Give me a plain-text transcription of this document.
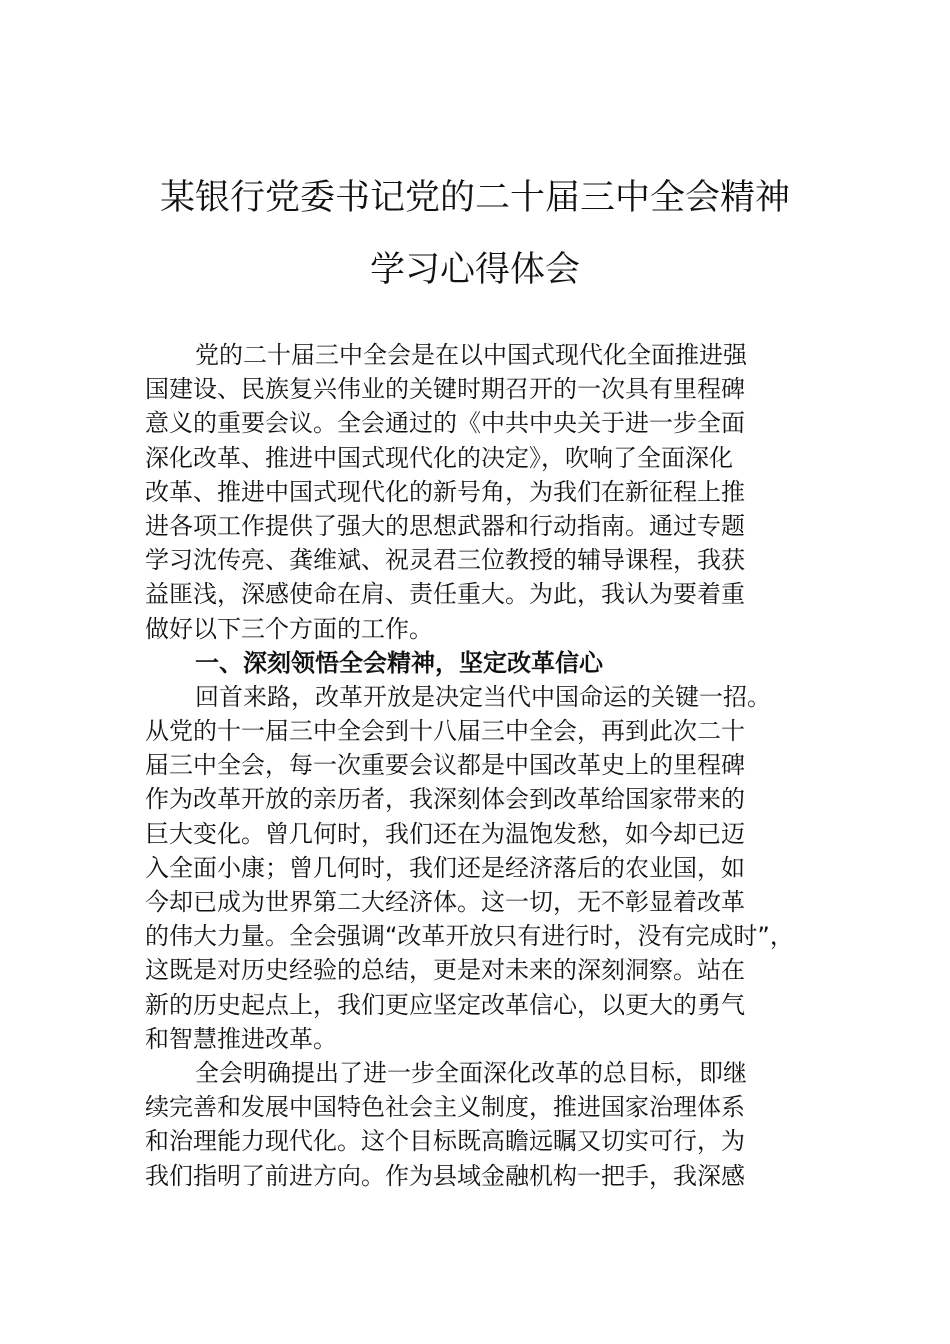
某银行党委书记党的二十届三中全会精神
学习心得体会
党的二十届三中全会是在以中国式现代化全面推进强
国建设、民族复兴伟业的关键时期召开的一次具有里程碑
意义的重要会议。全会通过的《中共中央关于进一步全面
深化改革、推进中国式现代化的决定》，吹响了全面深化
改革、推进中国式现代化的新号角，为我们在新征程上推
进各项工作提供了强大的思想武器和行动指南。通过专题
学习沈传亮、龚维斌、祝灵君三位教授的辅导课程，我获
益匪浅，深感使命在肩、责任重大。为此，我认为要着重
做好以下三个方面的工作。
一、深刻领悟全会精神，坚定改革信心
回首来路，改革开放是决定当代中国命运的关键一招。
从党的十一届三中全会到十八届三中全会，再到此次二十
届三中全会，每一次重要会议都是中国改革史上的里程碑
作为改革开放的亲历者，我深刻体会到改革给国家带来的
巨大变化。曾几何时，我们还在为温饱发愁，如今却已迈
入全面小康；曾几何时，我们还是经济落后的农业国，如
今却已成为世界第二大经济体。这一切，无不彰显着改革
的伟大力量。全会强调“改革开放只有进行时，没有完成时”，
这既是对历史经验的总结，更是对未来的深刻洞察。站在
新的历史起点上，我们更应坚定改革信心，以更大的勇气
和智慧推进改革。
全会明确提出了进一步全面深化改革的总目标，即继
续完善和发展中国特色社会主义制度，推进国家治理体系
和治理能力现代化。这个目标既高瞻远瞩又切实可行，为
我们指明了前进方向。作为县域金融机构一把手，我深感
